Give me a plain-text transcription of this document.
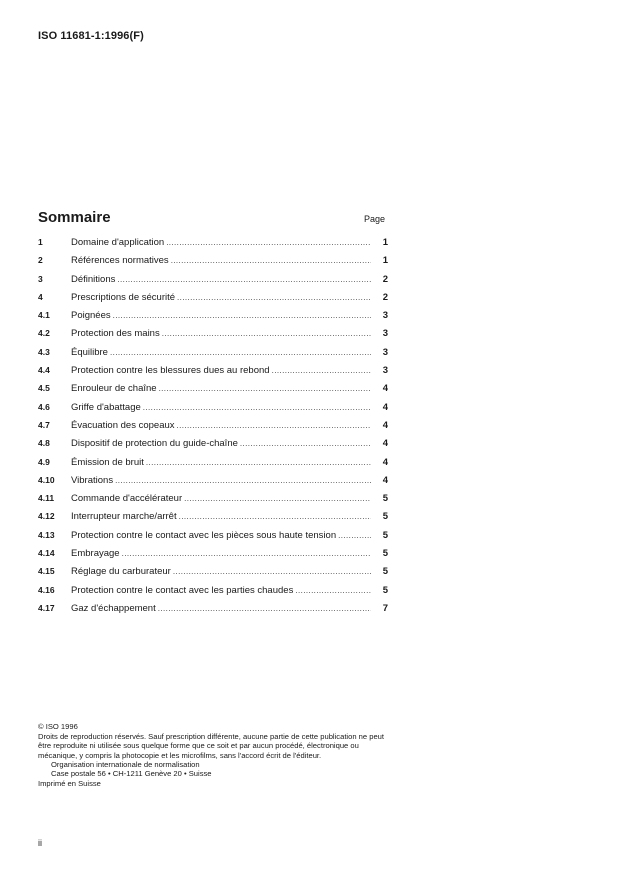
ISO 11681-1:1996(F)
Sommaire	Page
1	Domaine d'application .....	1
2	Références normatives .....	1
3	Définitions .....	2
4	Prescriptions de sécurité .....	2
4.1	Poignées .....	3
4.2	Protection des mains .....	3
4.3	Équilibre .....	3
4.4	Protection contre les blessures dues au rebond .....	3
4.5	Enrouleur de chaîne .....	4
4.6	Griffe d'abattage .....	4
4.7	Évacuation des copeaux .....	4
4.8	Dispositif de protection du guide-chaîne .....	4
4.9	Émission de bruit .....	4
4.10	Vibrations .....	4
4.11	Commande d'accélérateur .....	5
4.12	Interrupteur marche/arrêt .....	5
4.13	Protection contre le contact avec les pièces sous haute tension .....	5
4.14	Embrayage .....	5
4.15	Réglage du carburateur .....	5
4.16	Protection contre le contact avec les parties chaudes .....	5
4.17	Gaz d'échappement .....	7
© ISO 1996
Droits de reproduction réservés. Sauf prescription différente, aucune partie de cette publication ne peut être reproduite ni utilisée sous quelque forme que ce soit et par aucun procédé, électronique ou mécanique, y compris la photocopie et les microfilms, sans l'accord écrit de l'éditeur.
Organisation internationale de normalisation
Case postale 56 • CH-1211 Genève 20 • Suisse
Imprimé en Suisse
ii
